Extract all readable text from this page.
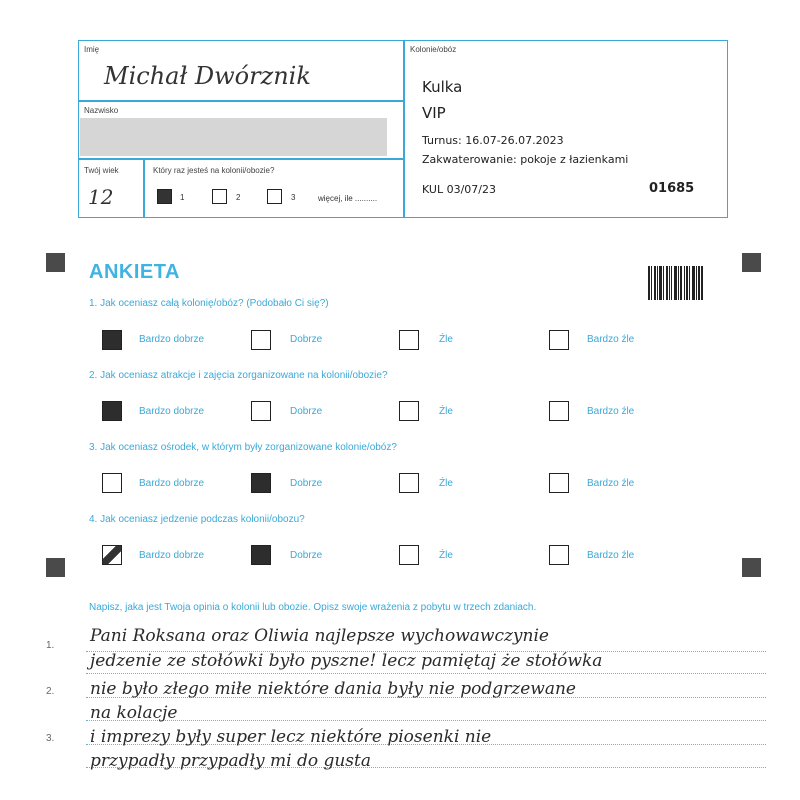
Imię
Michał Dwórznik
Nazwisko
Twój wiek
12
Który raz jesteś na kolonii/obozie?
1	2	3	więcej, ile ..........
Kolonie/obóz
Kulka
VIP
Turnus: 16.07-26.07.2023
Zakwaterowanie: pokoje z łazienkami
KUL 03/07/23	01685
ANKIETA
1. Jak oceniasz całą kolonię/obóz? (Podobało Ci się?)
Bardzo dobrze	Dobrze	Źle	Bardzo źle
2. Jak oceniasz atrakcje i zajęcia zorganizowane na kolonii/obozie?
Bardzo dobrze	Dobrze	Źle	Bardzo źle
3. Jak oceniasz ośrodek, w którym były zorganizowane kolonie/obóz?
Bardzo dobrze	Dobrze	Źle	Bardzo źle
4. Jak oceniasz jedzenie podczas kolonii/obozu?
Bardzo dobrze	Dobrze	Źle	Bardzo źle
Napisz, jaka jest Twoja opinia o kolonii lub obozie. Opisz swoje wrażenia z pobytu w trzech zdaniach.
1.
2.
3.
Pani Roksana oraz Oliwia najlepsze wychowawczynie
jedzenie ze stołówki było pyszne! lecz pamiętaj że stołówka
nie było złego miłe niektóre dania były nie podgrzewane
na kolacje
i imprezy były super lecz niektóre piosenki nie
przypadły przypadły mi do gusta
